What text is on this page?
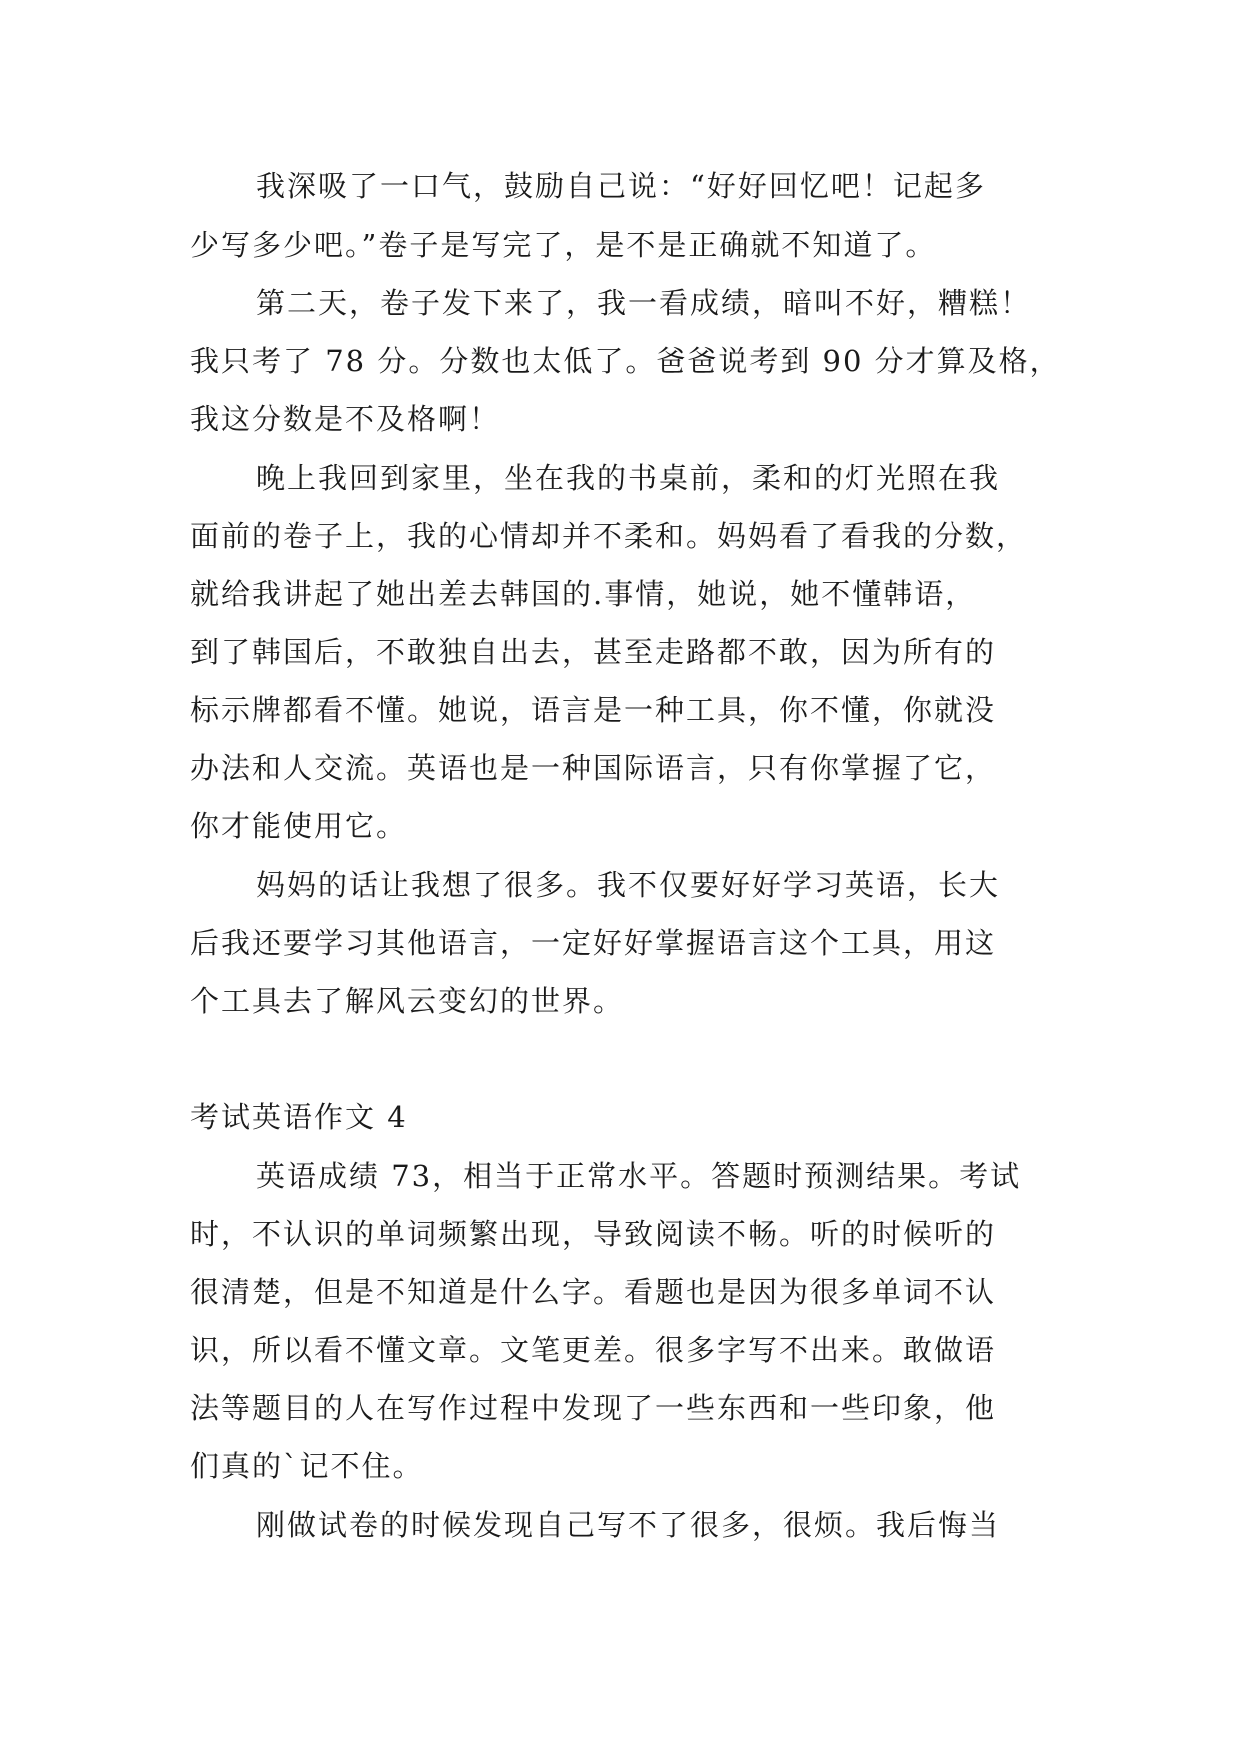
我深吸了一口气，鼓励自己说：“好好回忆吧！记起多
少写多少吧。”卷子是写完了，是不是正确就不知道了。
第二天，卷子发下来了，我一看成绩，暗叫不好，糟糕！
我只考了 78 分。分数也太低了。爸爸说考到 90 分才算及格，
我这分数是不及格啊！
晚上我回到家里，坐在我的书桌前，柔和的灯光照在我
面前的卷子上，我的心情却并不柔和。妈妈看了看我的分数，
就给我讲起了她出差去韩国的.事情，她说，她不懂韩语，
到了韩国后，不敢独自出去，甚至走路都不敢，因为所有的
标示牌都看不懂。她说，语言是一种工具，你不懂，你就没
办法和人交流。英语也是一种国际语言，只有你掌握了它，
你才能使用它。
妈妈的话让我想了很多。我不仅要好好学习英语，长大
后我还要学习其他语言，一定好好掌握语言这个工具，用这
个工具去了解风云变幻的世界。
考试英语作文 4
英语成绩 73，相当于正常水平。答题时预测结果。考试
时，不认识的单词频繁出现，导致阅读不畅。听的时候听的
很清楚，但是不知道是什么字。看题也是因为很多单词不认
识，所以看不懂文章。文笔更差。很多字写不出来。敢做语
法等题目的人在写作过程中发现了一些东西和一些印象，他
们真的`记不住。
刚做试卷的时候发现自己写不了很多，很烦。我后悔当
